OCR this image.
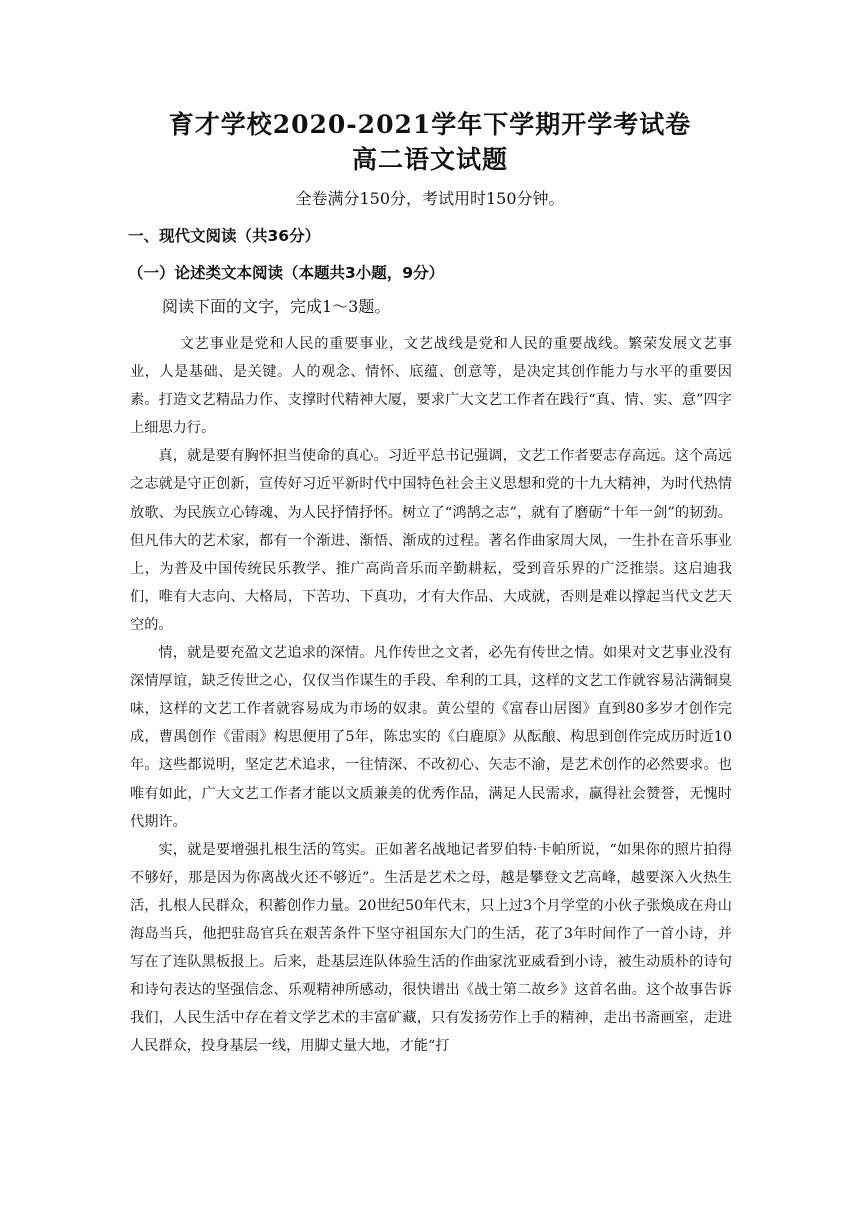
育才学校2020-2021学年下学期开学考试卷
高二语文试题
全卷满分150分，考试用时150分钟。
一、现代文阅读（共36分）
（一）论述类文本阅读（本题共3小题，9分）
阅读下面的文字，完成1～3题。

文艺事业是党和人民的重要事业，文艺战线是党和人民的重要战线。繁荣发展文艺事业，人是基础、是关键。人的观念、情怀、底蕴、创意等，是决定其创作能力与水平的重要因素。打造文艺精品力作、支撑时代精神大厦，要求广大文艺工作者在践行“真、情、实、意”四字上细思力行。

真，就是要有胸怀担当使命的真心。习近平总书记强调，文艺工作者要志存高远。这个高远之志就是守正创新，宣传好习近平新时代中国特色社会主义思想和党的十九大精神，为时代热情放歌、为民族立心铸魂、为人民抒情抒怀。树立了“鸿鹄之志”，就有了磨砺“十年一剑”的韧劲。但凡伟大的艺术家，都有一个渐进、渐悟、渐成的过程。著名作曲家周大凤，一生扑在音乐事业上，为普及中国传统民乐教学、推广高尚音乐而辛勤耕耘，受到音乐界的广泛推崇。这启迪我们，唯有大志向、大格局，下苦功、下真功，才有大作品、大成就，否则是难以撑起当代文艺天空的。

情，就是要充盈文艺追求的深情。凡作传世之文者，必先有传世之情。如果对文艺事业没有深情厚谊，缺乏传世之心，仅仅当作谋生的手段、牟利的工具，这样的文艺工作就容易沾满铜臭味，这样的文艺工作者就容易成为市场的奴隶。黄公望的《富春山居图》直到80多岁才创作完成，曹禺创作《雷雨》构思便用了5年，陈忠实的《白鹿原》从酝酿、构思到创作完成历时近10年。这些都说明，坚定艺术追求，一往情深、不改初心、矢志不渝，是艺术创作的必然要求。也唯有如此，广大文艺工作者才能以文质兼美的优秀作品，满足人民需求，赢得社会赞誉，无愧时代期许。

实，就是要增强扎根生活的笃实。正如著名战地记者罗伯特·卡帕所说，“如果你的照片拍得不够好，那是因为你离战火还不够近”。生活是艺术之母，越是攀登文艺高峰，越要深入火热生活，扎根人民群众，积蓄创作力量。20世纪50年代末，只上过3个月学堂的小伙子张焕成在舟山海岛当兵，他把驻岛官兵在艰苦条件下坚守祖国东大门的生活，花了3年时间作了一首小诗，并写在了连队黑板报上。后来，赴基层连队体验生活的作曲家沈亚威看到小诗，被生动质朴的诗句和诗句表达的坚强信念、乐观精神所感动，很快谱出《战士第二故乡》这首名曲。这个故事告诉我们，人民生活中存在着文学艺术的丰富矿藏，只有发扬劳作上手的精神，走出书斋画室，走进人民群众，投身基层一线，用脚丈量大地，才能“打
